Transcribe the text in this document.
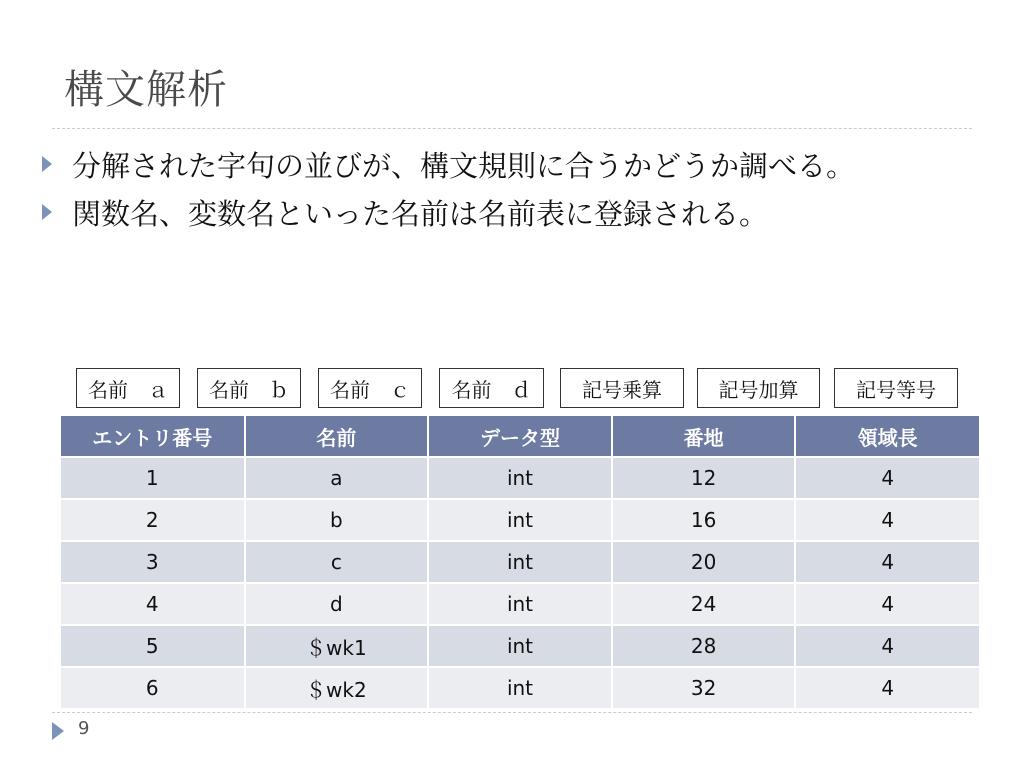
構文解析
分解された字句の並びが、構文規則に合うかどうか調べる。
関数名、変数名といった名前は名前表に登録される。
名前　ａ	名前　ｂ	名前　ｃ	名前　ｄ	記号乗算	記号加算	記号等号
エントリ番号	名前	データ型	番地	領域長
1	a	int	12	4
2	b	int	16	4
3	c	int	20	4
4	d	int	24	4
5	＄wk1	int	28	4
6	＄wk2	int	32	4
9
